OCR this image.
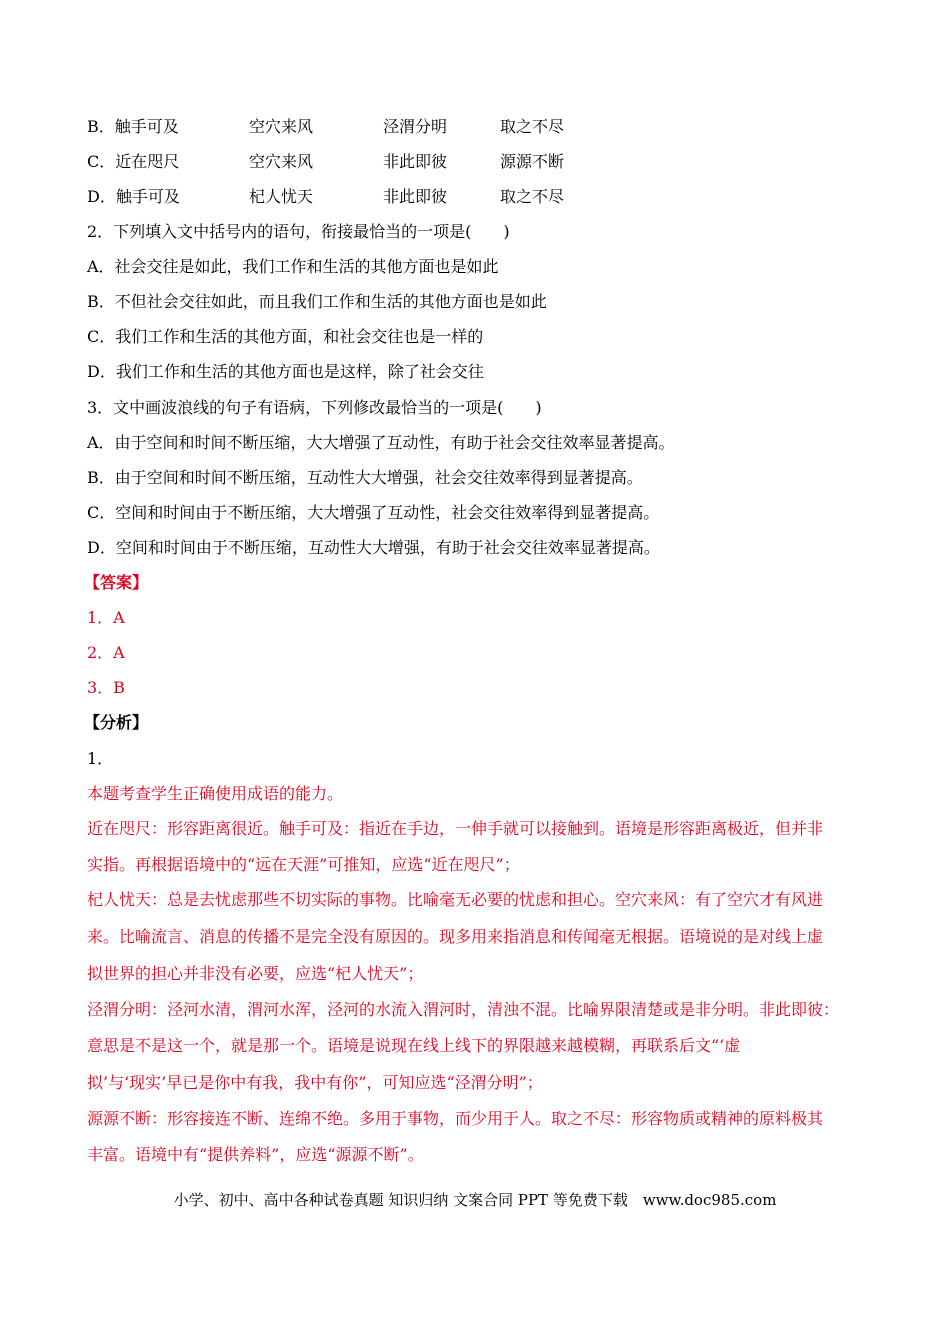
B．触手可及	空穴来风	泾渭分明	取之不尽
C．近在咫尺	空穴来风	非此即彼	源源不断
D．触手可及	杞人忧天	非此即彼	取之不尽
2．下列填入文中括号内的语句，衔接最恰当的一项是(　　)
A．社会交往是如此，我们工作和生活的其他方面也是如此
B．不但社会交往如此，而且我们工作和生活的其他方面也是如此
C．我们工作和生活的其他方面，和社会交往也是一样的
D．我们工作和生活的其他方面也是这样，除了社会交往
3．文中画波浪线的句子有语病，下列修改最恰当的一项是(　　)
A．由于空间和时间不断压缩，大大增强了互动性，有助于社会交往效率显著提高。
B．由于空间和时间不断压缩，互动性大大增强，社会交往效率得到显著提高。
C．空间和时间由于不断压缩，大大增强了互动性，社会交往效率得到显著提高。
D．空间和时间由于不断压缩，互动性大大增强，有助于社会交往效率显著提高。
【答案】
1．A
2．A
3．B
【分析】
1．
本题考查学生正确使用成语的能力。
近在咫尺：形容距离很近。触手可及：指近在手边，一伸手就可以接触到。语境是形容距离极近，但并非
实指。再根据语境中的“远在天涯”可推知，应选“近在咫尺”；
杞人忧天：总是去忧虑那些不切实际的事物。比喻毫无必要的忧虑和担心。空穴来风：有了空穴才有风进
来。比喻流言、消息的传播不是完全没有原因的。现多用来指消息和传闻毫无根据。语境说的是对线上虚
拟世界的担心并非没有必要，应选“杞人忧天”；
泾渭分明：泾河水清，渭河水浑，泾河的水流入渭河时，清浊不混。比喻界限清楚或是非分明。非此即彼：
意思是不是这一个，就是那一个。语境是说现在线上线下的界限越来越模糊，再联系后文“‘虚
拟’与‘现实’早已是你中有我，我中有你”，可知应选“泾渭分明”；
源源不断：形容接连不断、连绵不绝。多用于事物，而少用于人。取之不尽：形容物质或精神的原料极其
丰富。语境中有“提供养料”，应选“源源不断”。
小学、初中、高中各种试卷真题 知识归纳 文案合同 PPT 等免费下载　www.doc985.com
